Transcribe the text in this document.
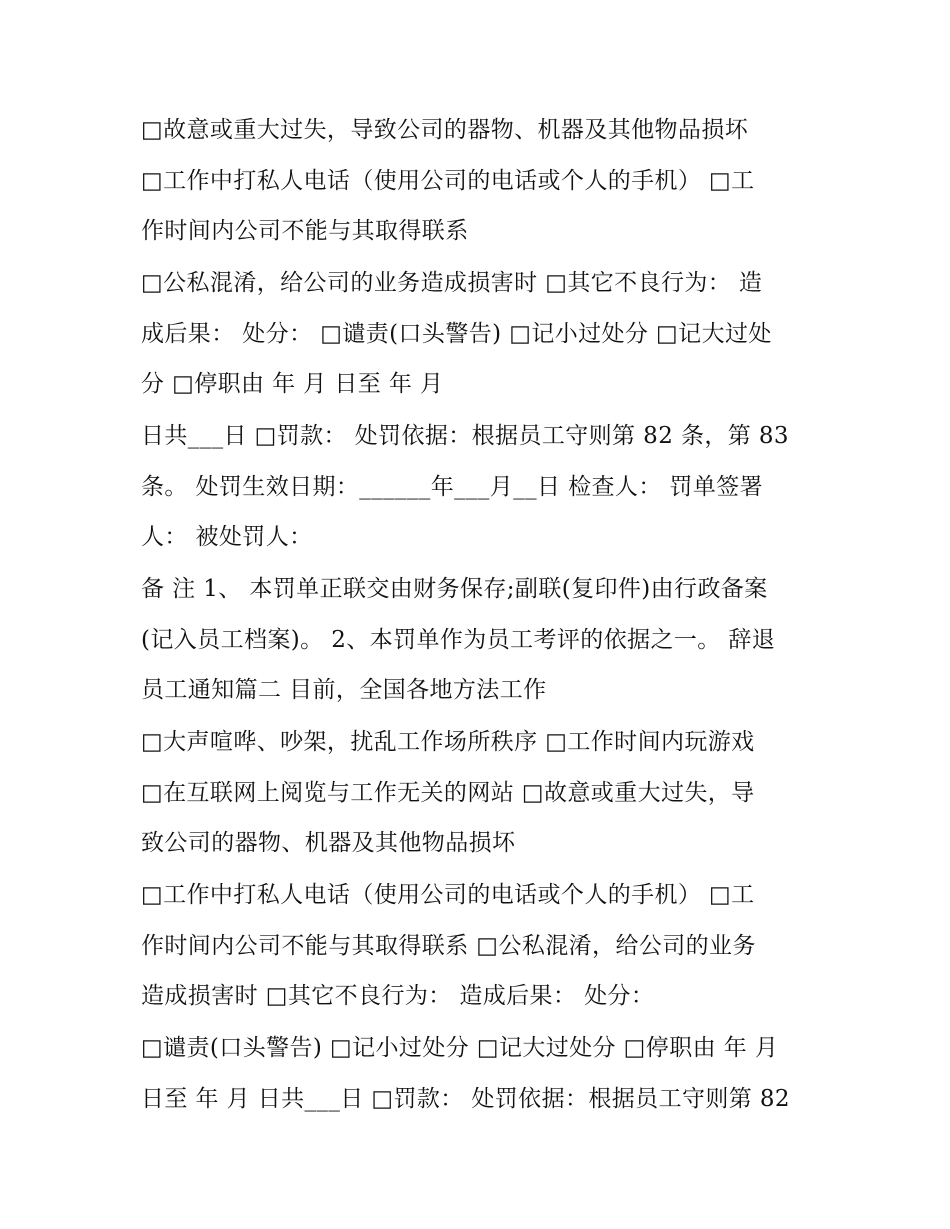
□故意或重大过失，导致公司的器物、机器及其他物品损坏
□工作中打私人电话（使用公司的电话或个人的手机） □工
作时间内公司不能与其取得联系
□公私混淆，给公司的业务造成损害时 □其它不良行为： 造
成后果： 处分： □谴责(口头警告) □记小过处分 □记大过处
分 □停职由 年 月 日至 年 月
日共___日 □罚款： 处罚依据：根据员工守则第 82 条，第 83
条。 处罚生效日期：______年___月__日 检查人： 罚单签署
人： 被处罚人：
备 注 1、 本罚单正联交由财务保存;副联(复印件)由行政备案
(记入员工档案)。 2、本罚单作为员工考评的依据之一。 辞退
员工通知篇二 目前，全国各地方法工作
□大声喧哗、吵架，扰乱工作场所秩序 □工作时间内玩游戏
□在互联网上阅览与工作无关的网站 □故意或重大过失，导
致公司的器物、机器及其他物品损坏
□工作中打私人电话（使用公司的电话或个人的手机） □工
作时间内公司不能与其取得联系 □公私混淆，给公司的业务
造成损害时 □其它不良行为： 造成后果： 处分：
□谴责(口头警告) □记小过处分 □记大过处分 □停职由 年 月
日至 年 月 日共___日 □罚款： 处罚依据：根据员工守则第 82
